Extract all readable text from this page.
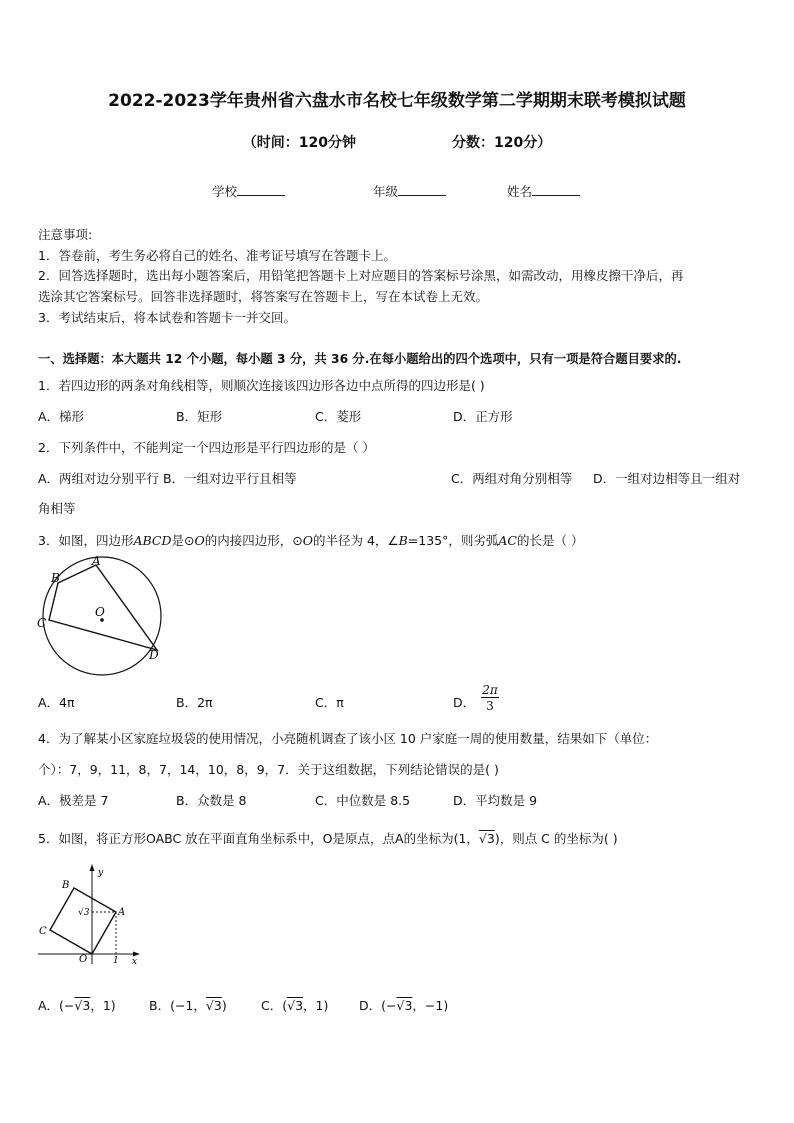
2022-2023学年贵州省六盘水市名校七年级数学第二学期期末联考模拟试题
（时间：120分钟	分数：120分）
学校	年级	姓名
注意事项:
1．答卷前，考生务必将自己的姓名、准考证号填写在答题卡上。
2．回答选择题时，选出每小题答案后，用铅笔把答题卡上对应题目的答案标号涂黑，如需改动，用橡皮擦干净后，再
选涂其它答案标号。回答非选择题时，将答案写在答题卡上，写在本试卷上无效。
3．考试结束后，将本试卷和答题卡一并交回。
一、选择题：本大题共 12 个小题，每小题 3 分，共 36 分.在每小题给出的四个选项中，只有一项是符合题目要求的.
1．若四边形的两条对角线相等，则顺次连接该四边形各边中点所得的四边形是( )
A．梯形	B．矩形	C．菱形	D．正方形
2．下列条件中，不能判定一个四边形是平行四边形的是（ ）
A．两组对边分别平行 B．一组对边平行且相等	C．两组对角分别相等 D．一组对边相等且一组对
角相等
3．如图，四边形ABCD是⊙O的内接四边形，⊙O的半径为 4，∠B=135°，则劣弧AC的长是（ ）
A
B
C
D
O
A．4π	B．2π	C．π	D． $\frac{2\pi}{3}$
4．为了解某小区家庭垃圾袋的使用情况，小亮随机调查了该小区 10 户家庭一周的使用数量，结果如下（单位：
个）：7，9，11，8，7，14，10，8，9，7．关于这组数据，下列结论错误的是( )
A．极差是 7	B．众数是 8	C．中位数是 8.5	D．平均数是 9
5．如图，将正方形OABC 放在平面直角坐标系中，O是原点，点A的坐标为(1，√3)，则点 C 的坐标为( )
y
x
B
A
C
O	1
√3
A．(−√3，1)	B．(−1，√3)	C．(√3，1) D．(−√3，−1)
